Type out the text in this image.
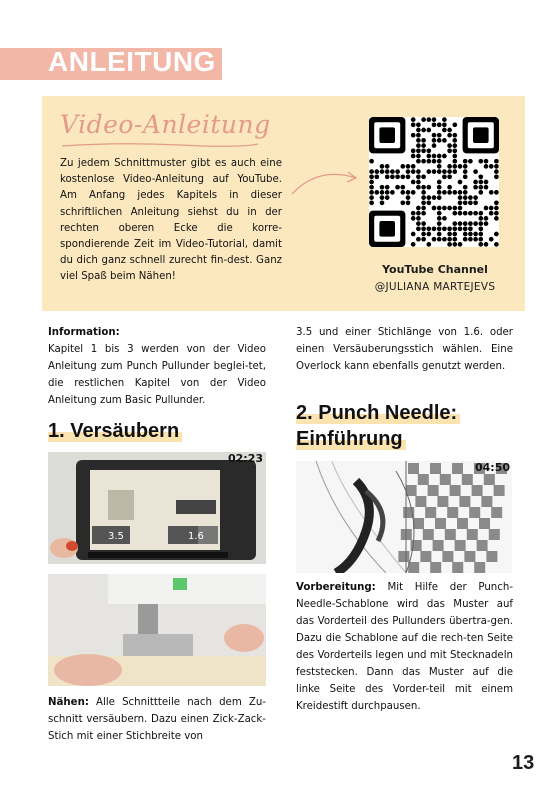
ANLEITUNG
Video-Anleitung
Zu jedem Schnittmuster gibt es auch eine kostenlose Video-Anleitung auf YouTube. Am Anfang jedes Kapitels in dieser schriftlichen Anleitung siehst du in der rechten oberen Ecke die korre-spondierende Zeit im Video-Tutorial, damit du dich ganz schnell zurecht fin-dest. Ganz viel Spaß beim Nähen!
YouTube Channel
@JULIANA MARTEJEVS
Information:
Kapitel 1 bis 3 werden von der Video Anleitung zum Punch Pullunder beglei-tet, die restlichen Kapitel von der Video Anleitung zum Basic Pullunder.
1. Versäubern
3.5	1.6
02:23
Nähen: Alle Schnittteile nach dem Zu-schnitt versäubern. Dazu einen Zick-Zack-Stich mit einer Stichbreite von
3.5 und einer Stichlänge von 1.6. oder einen Versäuberungsstich wählen. Eine Overlock kann ebenfalls genutzt werden.
2. Punch Needle:
Einführung
04:50
Vorbereitung: Mit Hilfe der Punch-Needle-Schablone wird das Muster auf das Vorderteil des Pullunders übertra-gen. Dazu die Schablone auf die rech-ten Seite des Vorderteils legen und mit Stecknadeln feststecken. Dann das Muster auf die linke Seite des Vorder-teil mit einem Kreidestift durchpausen.
13
